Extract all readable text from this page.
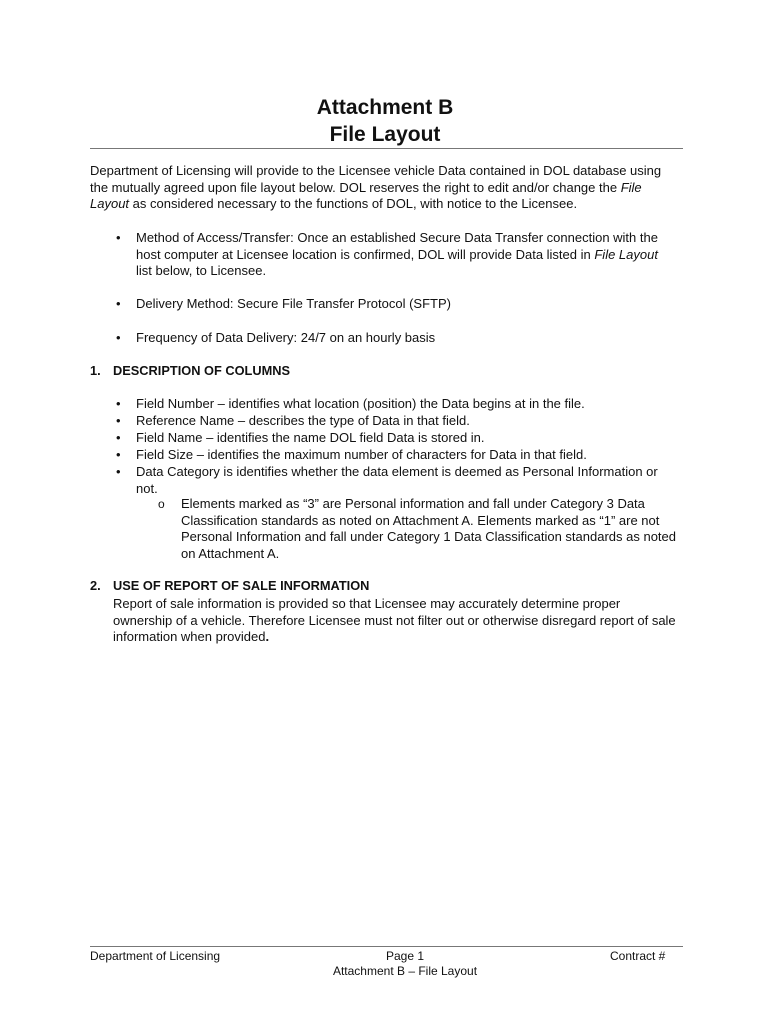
Attachment B
File Layout

Department of Licensing will provide to the Licensee vehicle Data contained in DOL database using the mutually agreed upon file layout below. DOL reserves the right to edit and/or change the File Layout as considered necessary to the functions of DOL, with notice to the Licensee.

• Method of Access/Transfer: Once an established Secure Data Transfer connection with the host computer at Licensee location is confirmed, DOL will provide Data listed in File Layout list below, to Licensee.

• Delivery Method: Secure File Transfer Protocol (SFTP)

• Frequency of Data Delivery: 24/7 on an hourly basis

1. DESCRIPTION OF COLUMNS
• Field Number – identifies what location (position) the Data begins at in the file.

• Reference Name – describes the type of Data in that field.

• Field Name – identifies the name DOL field Data is stored in.

• Field Size – identifies the maximum number of characters for Data in that field.

• Data Category is identifies whether the data element is deemed as Personal Information or not.

o Elements marked as “3” are Personal information and fall under Category 3 Data Classification standards as noted on Attachment A. Elements marked as “1” are not Personal Information and fall under Category 1 Data Classification standards as noted on Attachment A.

2. USE OF REPORT OF SALE INFORMATION

Report of sale information is provided so that Licensee may accurately determine proper ownership of a vehicle. Therefore Licensee must not filter out or otherwise disregard report of sale information when provided.

Department of Licensing	Page 1
Attachment B – File Layout
Contract #
